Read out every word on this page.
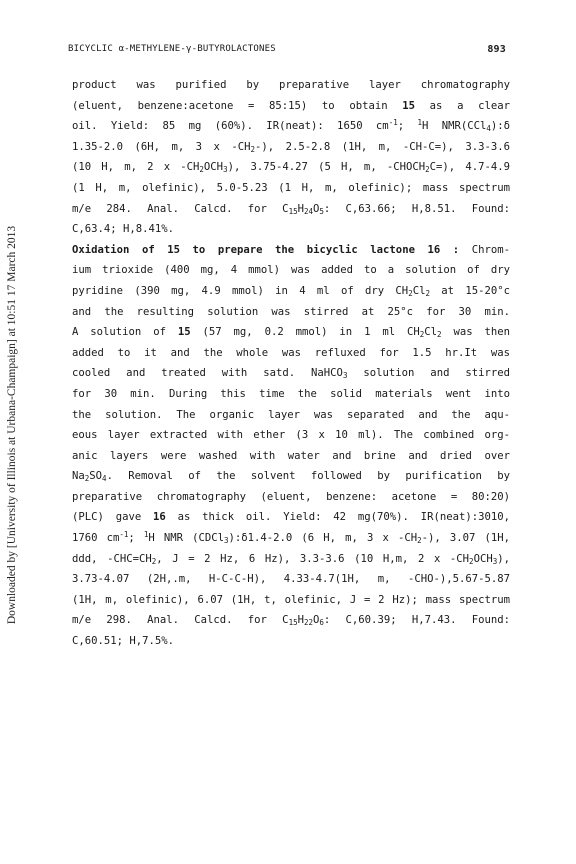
Downloaded by [University of Illinois at Urbana-Champaign] at 10:51 17 March 2013
BICYCLIC α-METHYLENE-γ-BUTYROLACTONES	893
product was purified by preparative layer chromatography
(eluent, benzene:acetone = 85:15) to obtain 15 as a clear
oil. Yield: 85 mg (60%). IR(neat): 1650 $cm^{-1}$; $^1$H NMR(CCl$_4$):δ
1.35-2.0 (6H, m, 3 x $-CH_2-$), 2.5-2.8 (1H, m, -CH-C=), 3.3-3.6
(10 H, m, 2 x $-CH_2OCH_3$), 3.75-4.27 (5 H, m, $-CHOCH_2C=$), 4.7-4.9
(1 H, m, olefinic), 5.0-5.23 (1 H, m, olefinic); mass spectrum
m/e 284. Anal. Calcd. for $C_{15}H_{24}O_5$: C,63.66; H,8.51. Found:
C,63.4; H,8.41%.
Oxidation of 15 to prepare the bicyclic lactone 16 : Chrom-
ium trioxide (400 mg, 4 mmol) was added to a solution of dry
pyridine (390 mg, 4.9 mmol) in 4 ml of dry $CH_2Cl_2$ at 15-20°c
and the resulting solution was stirred at 25°c for 30 min.
A solution of 15 (57 mg, 0.2 mmol) in 1 ml $CH_2Cl_2$ was then
added to it and the whole was refluxed for 1.5 hr.It was
cooled and treated with satd. NaHCO$_3$ solution and stirred
for 30 min. During this time the solid materials went into
the solution. The organic layer was separated and the aqu-
eous layer extracted with ether (3 x 10 ml). The combined org-
anic layers were washed with water and brine and dried over
$Na_2SO_4$. Removal of the solvent followed by purification by
preparative chromatography (eluent, benzene: acetone = 80:20)
(PLC) gave 16 as thick oil. Yield: 42 mg(70%). IR(neat):3010,
1760 $cm^{-1}$; $^1$H NMR (CDCl$_3$):δ1.4-2.0 (6 H, m, 3 x $-CH_2-$), 3.07 (1H,
ddd, $-CHC=CH_2$, J = 2 Hz, 6 Hz), 3.3-3.6 (10 H,m, 2 x $-CH_2OCH_3$),
3.73-4.07 (2H,.m, H-C-C-H), 4.33-4.7(1H, m, -CHO-),5.67-5.87
(1H, m, olefinic), 6.07 (1H, t, olefinic, J = 2 Hz); mass spectrum
m/e 298. Anal. Calcd. for $C_{15}H_{22}O_6$: C,60.39; H,7.43. Found:
C,60.51; H,7.5%.
